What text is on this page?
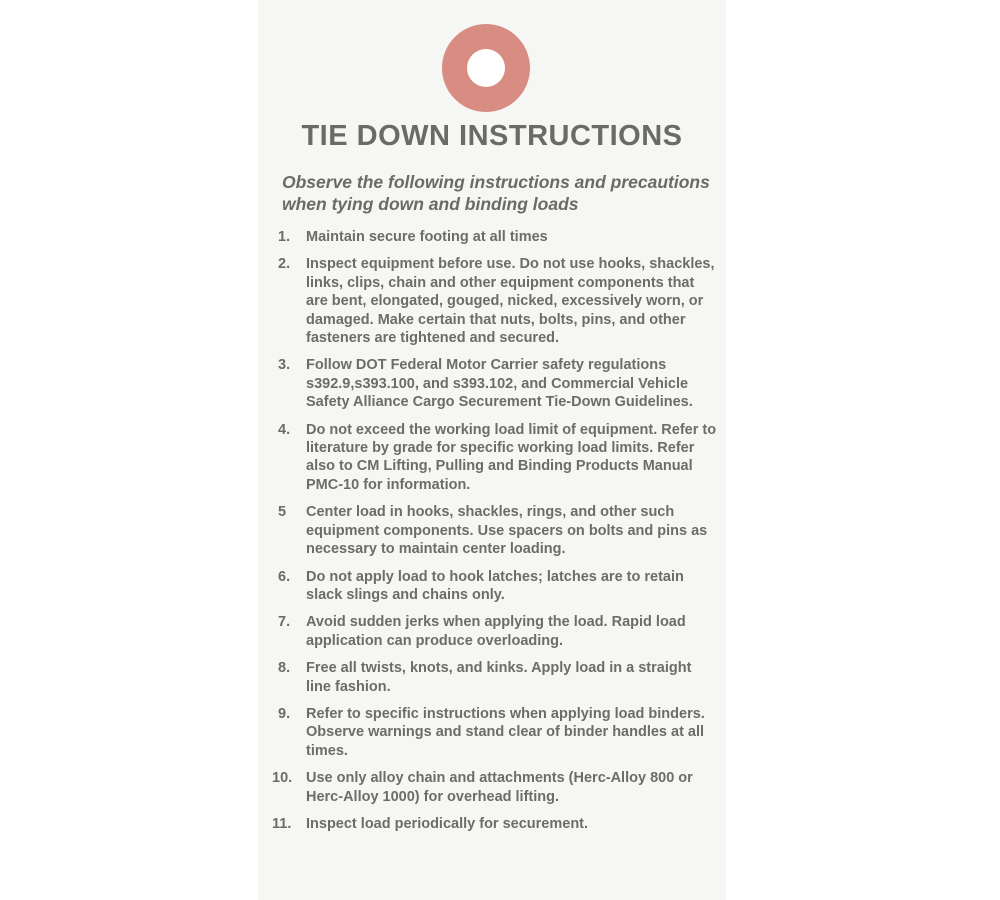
TIE DOWN INSTRUCTIONS

Observe the following instructions and precautions when tying down and binding loads

1.	Maintain secure footing at all times
2.	Inspect equipment before use. Do not use hooks, shackles, links, clips, chain and other equipment components that are bent, elongated, gouged, nicked, excessively worn, or damaged. Make certain that nuts, bolts, pins, and other fasteners are tightened and secured.
3.	Follow DOT Federal Motor Carrier safety regulations s392.9,s393.100, and s393.102, and Commercial Vehicle Safety Alliance Cargo Securement Tie-Down Guidelines.
4.	Do not exceed the working load limit of equipment. Refer to literature by grade for specific working load limits. Refer also to CM Lifting, Pulling and Binding Products Manual PMC-10 for information.
5	Center load in hooks, shackles, rings, and other such equipment components. Use spacers on bolts and pins as necessary to maintain center loading.
6.	Do not apply load to hook latches; latches are to retain slack slings and chains only.
7.	Avoid sudden jerks when applying the load. Rapid load application can produce overloading.
8.	Free all twists, knots, and kinks. Apply load in a straight line fashion.
9.	Refer to specific instructions when applying load binders. Observe warnings and stand clear of binder handles at all times.
10. Use only alloy chain and attachments (Herc-Alloy 800 or Herc-Alloy 1000) for overhead lifting.
11.	Inspect load periodically for securement.
